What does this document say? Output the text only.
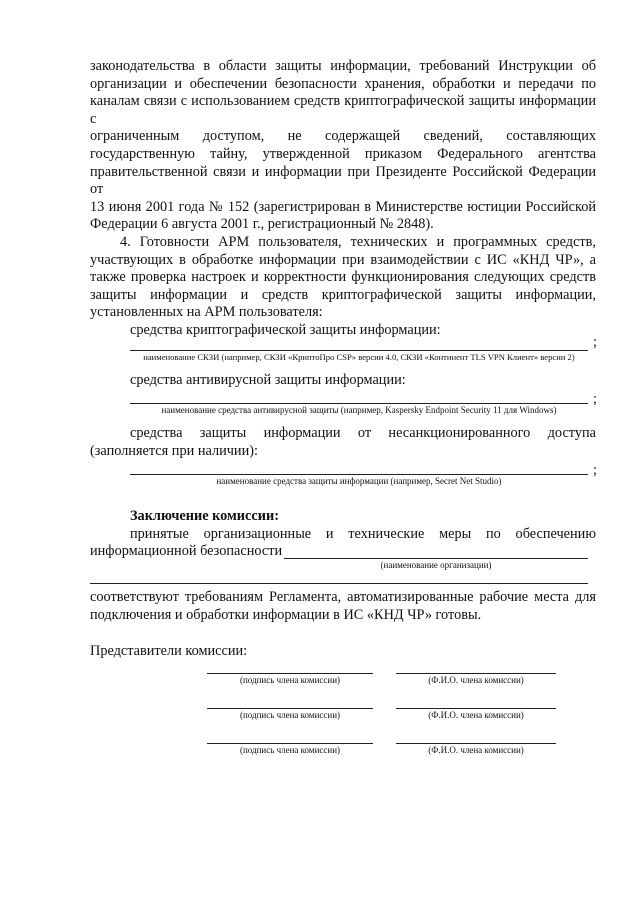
законодательства в области защиты информации, требований Инструкции об

организации и обеспечении безопасности хранения, обработки и передачи по

каналам связи с использованием средств криптографической защиты информации с

ограниченным доступом, не содержащей сведений, составляющих

государственную тайну, утвержденной приказом Федерального агентства

правительственной связи и информации при Президенте Российской Федерации от

13 июня 2001 года № 152 (зарегистрирован в Министерстве юстиции Российской

Федерации 6 августа 2001 г., регистрационный № 2848).

4. Готовности АРМ пользователя, технических и программных средств,

участвующих в обработке информации при взаимодействии с ИС «КНД ЧР», а

также проверка настроек и корректности функционирования следующих средств

защиты информации и средств криптографической защиты информации,

установленных на АРМ пользователя:

средства криптографической защиты информации:

;
наименование СКЗИ (например, СКЗИ «КриптоПро CSP» версии 4.0, СКЗИ «Континент TLS VPN Клиент» версии 2)

средства антивирусной защиты информации:

;
наименование средства антивирусной защиты (например, Kaspersky Endpoint Security 11 для Windows)

средства защиты информации от несанкционированного доступа

(заполняется при наличии):

;
наименование средства защиты информации (например, Secret Net Studio)

Заключение комиссии:

принятые организационные и технические меры по обеспечению

информационной безопасности
(наименование организации)

соответствуют требованиям Регламента, автоматизированные рабочие места для

подключения и обработки информации в ИС «КНД ЧР» готовы.

Представители комиссии:

(подпись члена комиссии)	(Ф.И.О. члена комиссии)
(подпись члена комиссии)	(Ф.И.О. члена комиссии)
(подпись члена комиссии)	(Ф.И.О. члена комиссии)
